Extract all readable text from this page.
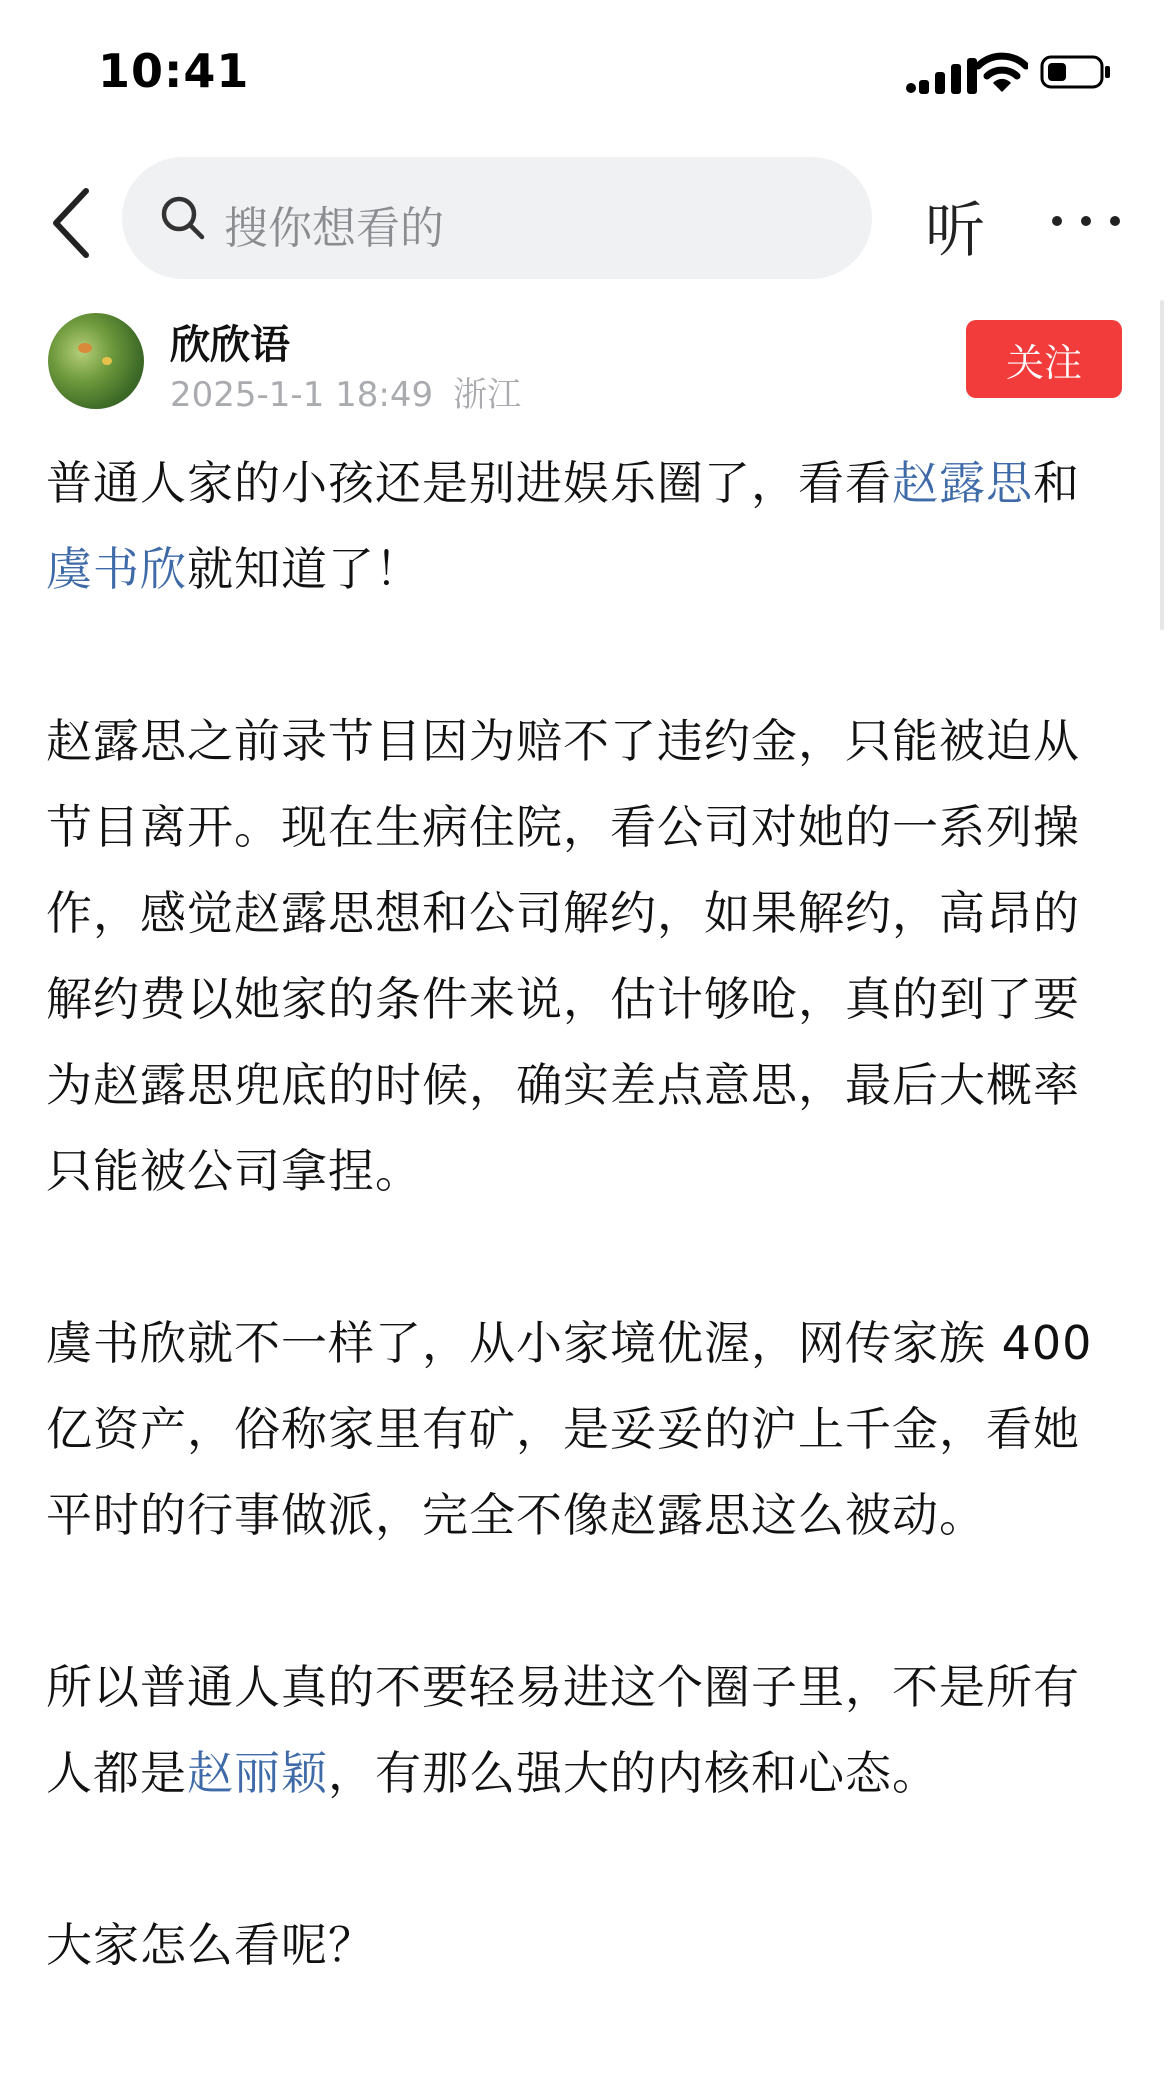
10:41
搜你想看的	听
欣欣语
2025-1-1 18:49 浙江
关注

普通人家的小孩还是别进娱乐圈了，看看赵露思和虞书欣就知道了！

赵露思之前录节目因为赔不了违约金，只能被迫从节目离开。现在生病住院，看公司对她的一系列操作，感觉赵露思想和公司解约，如果解约，高昂的解约费以她家的条件来说，估计够呛，真的到了要为赵露思兜底的时候，确实差点意思，最后大概率只能被公司拿捏。

虞书欣就不一样了，从小家境优渥，网传家族 400亿资产，俗称家里有矿，是妥妥的沪上千金，看她平时的行事做派，完全不像赵露思这么被动。

所以普通人真的不要轻易进这个圈子里，不是所有人都是赵丽颖，有那么强大的内核和心态。

大家怎么看呢？
